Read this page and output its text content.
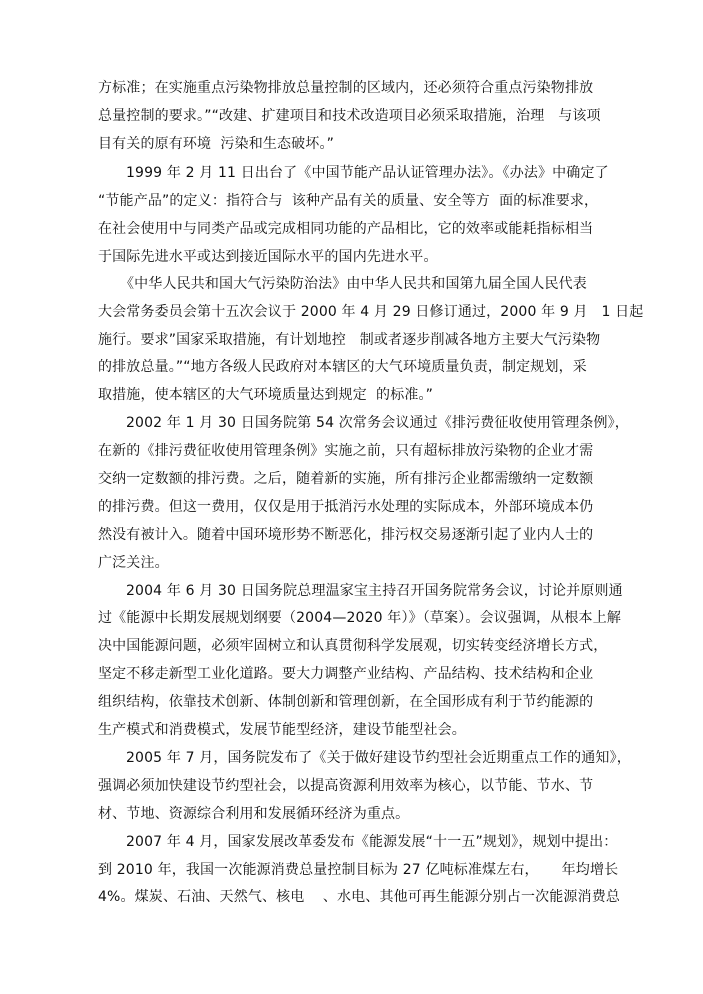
方标准；在实施重点污染物排放总量控制的区域内，还必须符合重点污染物排放
总量控制的要求。”“改建、扩建项目和技术改造项目必须采取措施，治理   与该项
目有关的原有环境  污染和生态破坏。”
1999 年 2 月 11 日出台了《中国节能产品认证管理办法》。《办法》中确定了
“节能产品”的定义：指符合与  该种产品有关的质量、安全等方  面的标准要求，
在社会使用中与同类产品或完成相同功能的产品相比，它的效率或能耗指标相当
于国际先进水平或达到接近国际水平的国内先进水平。
《中华人民共和国大气污染防治法》由中华人民共和国第九届全国人民代表
大会常务委员会第十五次会议于 2000 年 4 月 29 日修订通过，2000 年 9 月   1 日起
施行。要求”国家采取措施，有计划地控   制或者逐步削减各地方主要大气污染物
的排放总量。”“地方各级人民政府对本辖区的大气环境质量负责，制定规划，采
取措施，使本辖区的大气环境质量达到规定  的标准。”
2002 年 1 月 30 日国务院第 54 次常务会议通过《排污费征收使用管理条例》，
在新的《排污费征收使用管理条例》实施之前，只有超标排放污染物的企业才需
交纳一定数额的排污费。之后，随着新的实施，所有排污企业都需缴纳一定数额
的排污费。但这一费用，仅仅是用于抵消污水处理的实际成本，外部环境成本仍
然没有被计入。随着中国环境形势不断恶化，排污权交易逐渐引起了业内人士的
广泛关注。
2004 年 6 月 30 日国务院总理温家宝主持召开国务院常务会议，讨论并原则通
过《能源中长期发展规划纲要（2004—2020 年）》（草案）。会议强调，从根本上解
决中国能源问题，必须牢固树立和认真贯彻科学发展观，切实转变经济增长方式，
坚定不移走新型工业化道路。要大力调整产业结构、产品结构、技术结构和企业
组织结构，依靠技术创新、体制创新和管理创新，在全国形成有利于节约能源的
生产模式和消费模式，发展节能型经济，建设节能型社会。
2005 年 7 月，国务院发布了《关于做好建设节约型社会近期重点工作的通知》，
强调必须加快建设节约型社会，以提高资源利用效率为核心，以节能、节水、节
材、节地、资源综合利用和发展循环经济为重点。
2007 年 4 月，国家发展改革委发布《能源发展“十一五”规划》，规划中提出：
到 2010 年，我国一次能源消费总量控制目标为 27 亿吨标准煤左右，     年均增长
4%。煤炭、石油、天然气、核电    、水电、其他可再生能源分别占一次能源消费总
